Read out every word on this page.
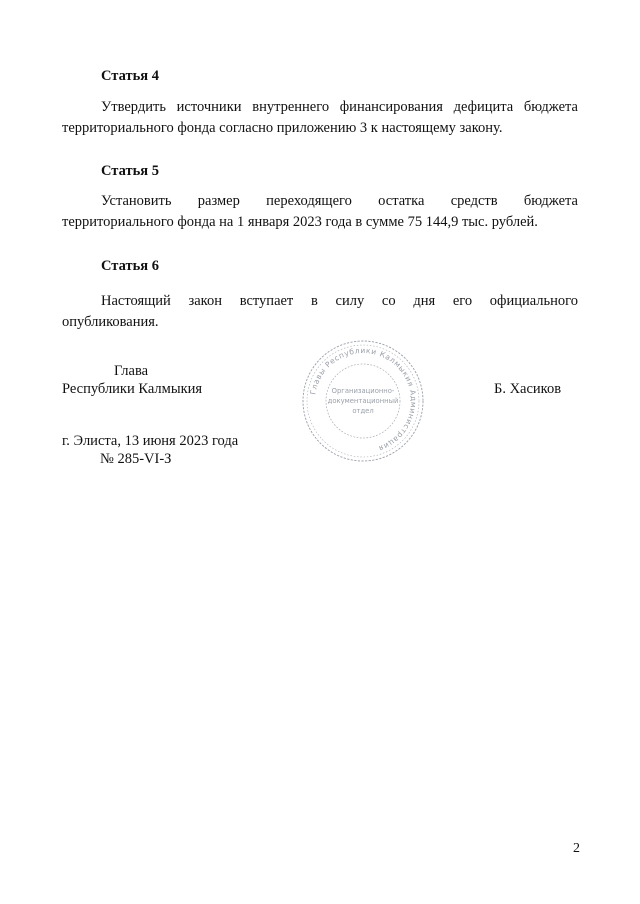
Статья 4
Утвердить источники внутреннего финансирования дефицита бюджета
территориального фонда согласно приложению 3 к настоящему закону.
Статья 5
Установить размер переходящего остатка средств бюджета
территориального фонда на 1 января 2023 года в сумме 75 144,9 тыс. рублей.
Статья 6
Настоящий закон вступает в силу со дня его официального
опубликования.
Глава
Республики Калмыкия	Б. Хасиков
Главы Республики Калмыкия Администрация
Организационно-
документационный
отдел
г. Элиста, 13 июня 2023 года
№ 285-VI-З
2
